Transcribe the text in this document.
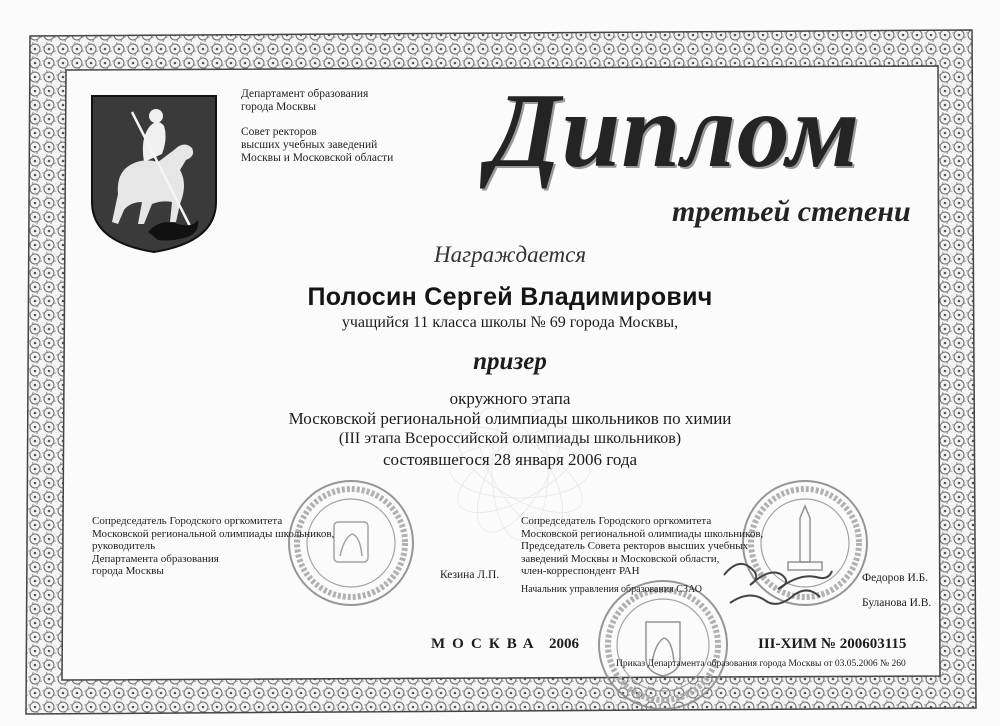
Департамент образования
города Москвы
Совет ректоров
высших учебных заведений
Москвы и Московской области Диплом
третьей степени
Награждается
Полосин Сергей Владимирович
учащийся 11 класса школы № 69 города Москвы,
призер
окружного этапа
Московской региональной олимпиады школьников по химии
(III этапа Всероссийской олимпиады школьников)
состоявшегося 28 января 2006 года
Сопредседатель Городского оргкомитета
Московской региональной олимпиады школьников,
руководитель
Департамента образования
города Москвы	Кезина Л.П.
Сопредседатель Городского оргкомитета
Московской региональной олимпиады школьников,
Председатель Совета ректоров высших учебных
заведений Москвы и Московской области,
член-корреспондент РАН
Начальник управления образования СЗАО
Федоров И.Б.
Буланова И.В.
МОСКВА 2006	III-ХИМ № 200603115
Приказ Департамента образования города Москвы от 03.05.2006 № 260
